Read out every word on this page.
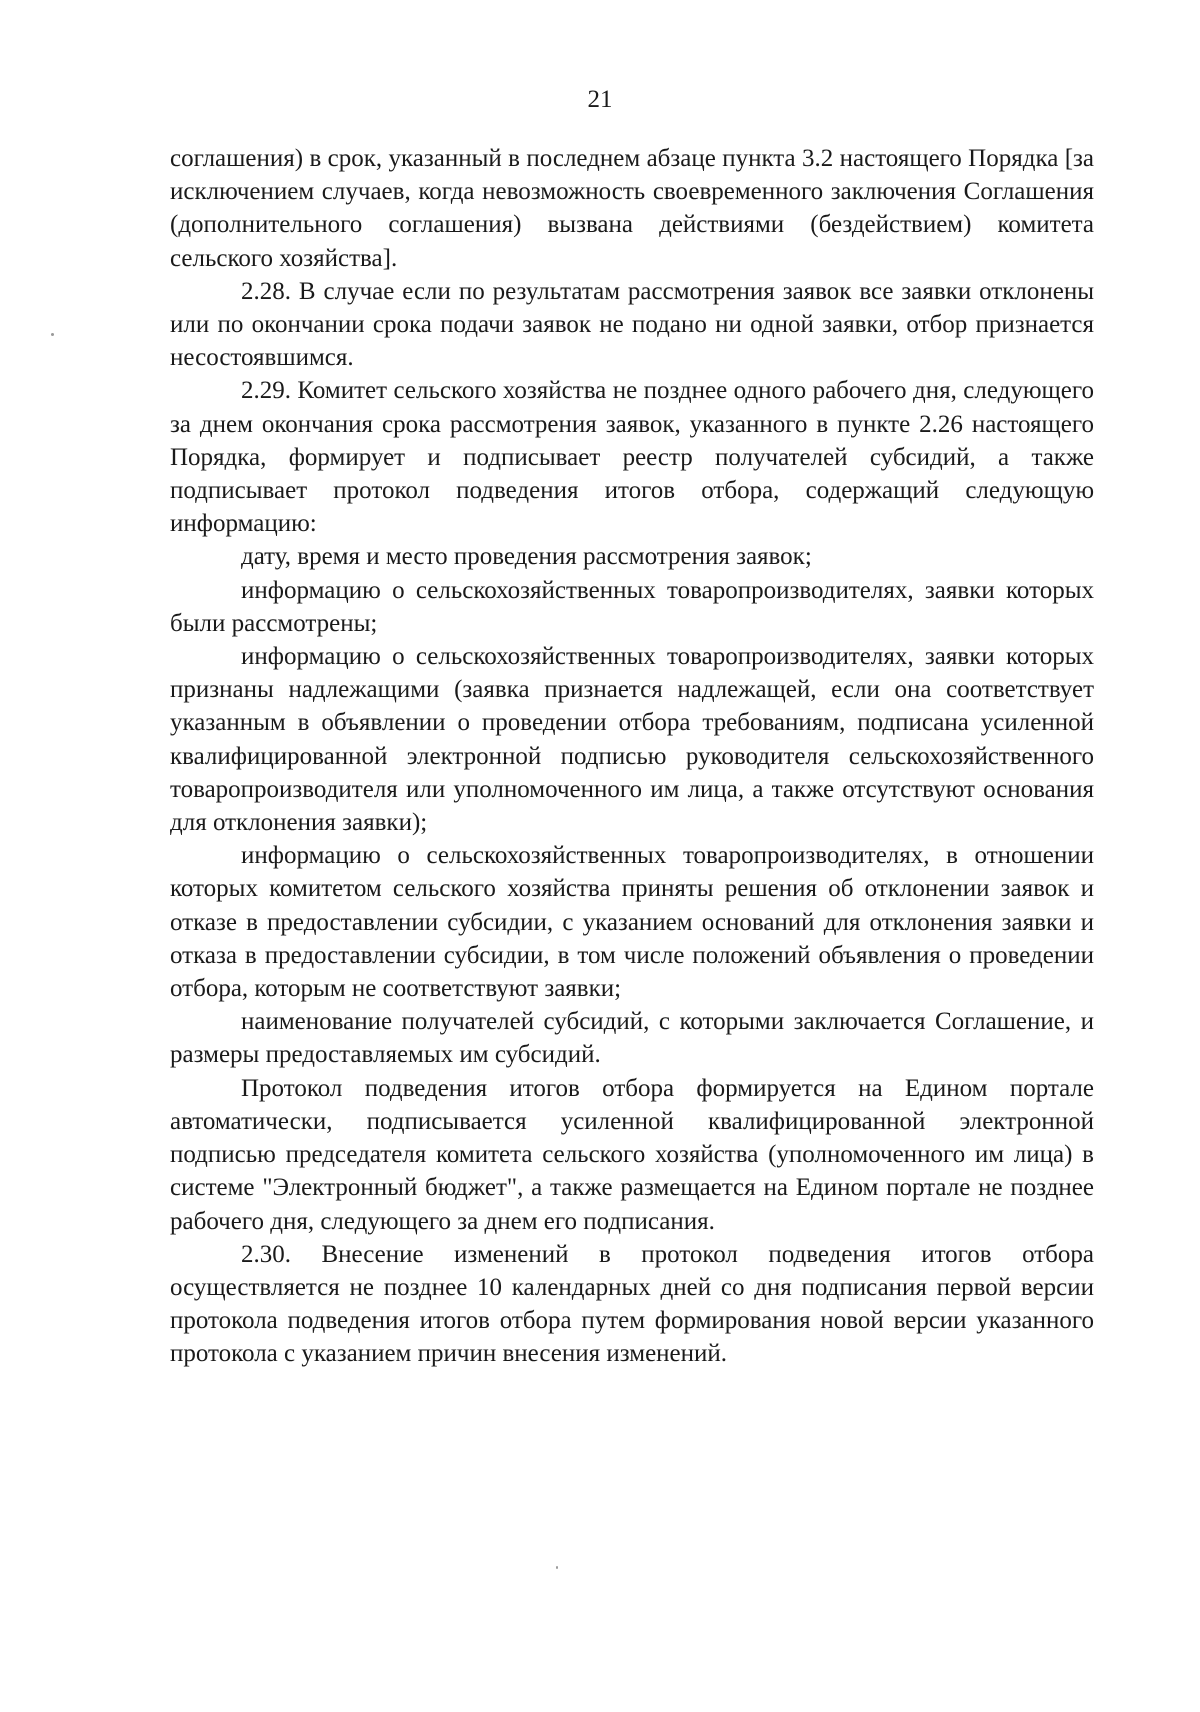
21

соглашения) в срок, указанный в последнем абзаце пункта 3.2 настоящего Порядка [за исключением случаев, когда невозможность своевременного заключения Соглашения (дополнительного соглашения) вызвана действиями (бездействием) комитета сельского хозяйства].

2.28. В случае если по результатам рассмотрения заявок все заявки отклонены или по окончании срока подачи заявок не подано ни одной заявки, отбор признается несостоявшимся.

2.29. Комитет сельского хозяйства не позднее одного рабочего дня, следующего за днем окончания срока рассмотрения заявок, указанного в пункте 2.26 настоящего Порядка, формирует и подписывает реестр получателей субсидий, а также подписывает протокол подведения итогов отбора, содержащий следующую информацию:

дату, время и место проведения рассмотрения заявок;

информацию о сельскохозяйственных товаропроизводителях, заявки которых были рассмотрены;

информацию о сельскохозяйственных товаропроизводителях, заявки которых признаны надлежащими (заявка признается надлежащей, если она соответствует указанным в объявлении о проведении отбора требованиям, подписана усиленной квалифицированной электронной подписью руководителя сельскохозяйственного товаропроизводителя или уполномоченного им лица, а также отсутствуют основания для отклонения заявки);

информацию о сельскохозяйственных товаропроизводителях, в отношении которых комитетом сельского хозяйства приняты решения об отклонении заявок и отказе в предоставлении субсидии, с указанием оснований для отклонения заявки и отказа в предоставлении субсидии, в том числе положений объявления о проведении отбора, которым не соответствуют заявки;

наименование получателей субсидий, с которыми заключается Соглашение, и размеры предоставляемых им субсидий.

Протокол подведения итогов отбора формируется на Едином портале автоматически, подписывается усиленной квалифицированной электронной подписью председателя комитета сельского хозяйства (уполномоченного им лица) в системе "Электронный бюджет", а также размещается на Едином портале не позднее рабочего дня, следующего за днем его подписания.

2.30. Внесение изменений в протокол подведения итогов отбора осуществляется не позднее 10 календарных дней со дня подписания первой версии протокола подведения итогов отбора путем формирования новой версии указанного протокола с указанием причин внесения изменений.
